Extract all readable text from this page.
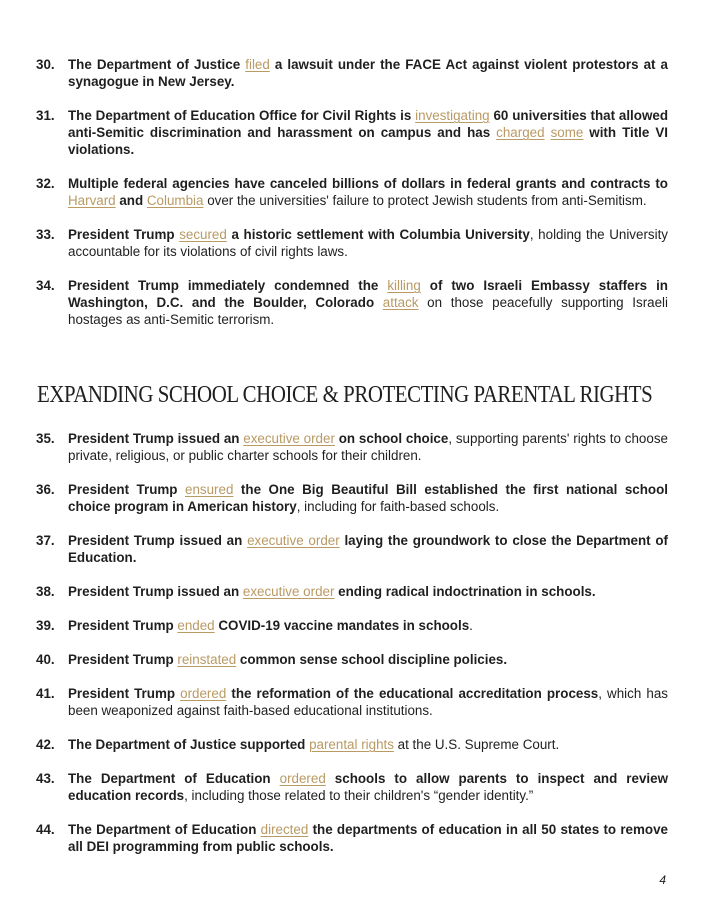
30. The Department of Justice filed a lawsuit under the FACE Act against violent protestors at a synagogue in New Jersey.
31. The Department of Education Office for Civil Rights is investigating 60 universities that allowed anti-Semitic discrimination and harassment on campus and has charged some with Title VI violations.
32. Multiple federal agencies have canceled billions of dollars in federal grants and contracts to Harvard and Columbia over the universities' failure to protect Jewish students from anti-Semitism.
33. President Trump secured a historic settlement with Columbia University, holding the University accountable for its violations of civil rights laws.
34. President Trump immediately condemned the killing of two Israeli Embassy staffers in Washington, D.C. and the Boulder, Colorado attack on those peacefully supporting Israeli hostages as anti-Semitic terrorism.
EXPANDING SCHOOL CHOICE & PROTECTING PARENTAL RIGHTS
35. President Trump issued an executive order on school choice, supporting parents' rights to choose private, religious, or public charter schools for their children.
36. President Trump ensured the One Big Beautiful Bill established the first national school choice program in American history, including for faith-based schools.
37. President Trump issued an executive order laying the groundwork to close the Department of Education.
38. President Trump issued an executive order ending radical indoctrination in schools.
39. President Trump ended COVID-19 vaccine mandates in schools.
40. President Trump reinstated common sense school discipline policies.
41. President Trump ordered the reformation of the educational accreditation process, which has been weaponized against faith-based educational institutions.
42. The Department of Justice supported parental rights at the U.S. Supreme Court.
43. The Department of Education ordered schools to allow parents to inspect and review education records, including those related to their children's “gender identity.”
44. The Department of Education directed the departments of education in all 50 states to remove all DEI programming from public schools.
4
